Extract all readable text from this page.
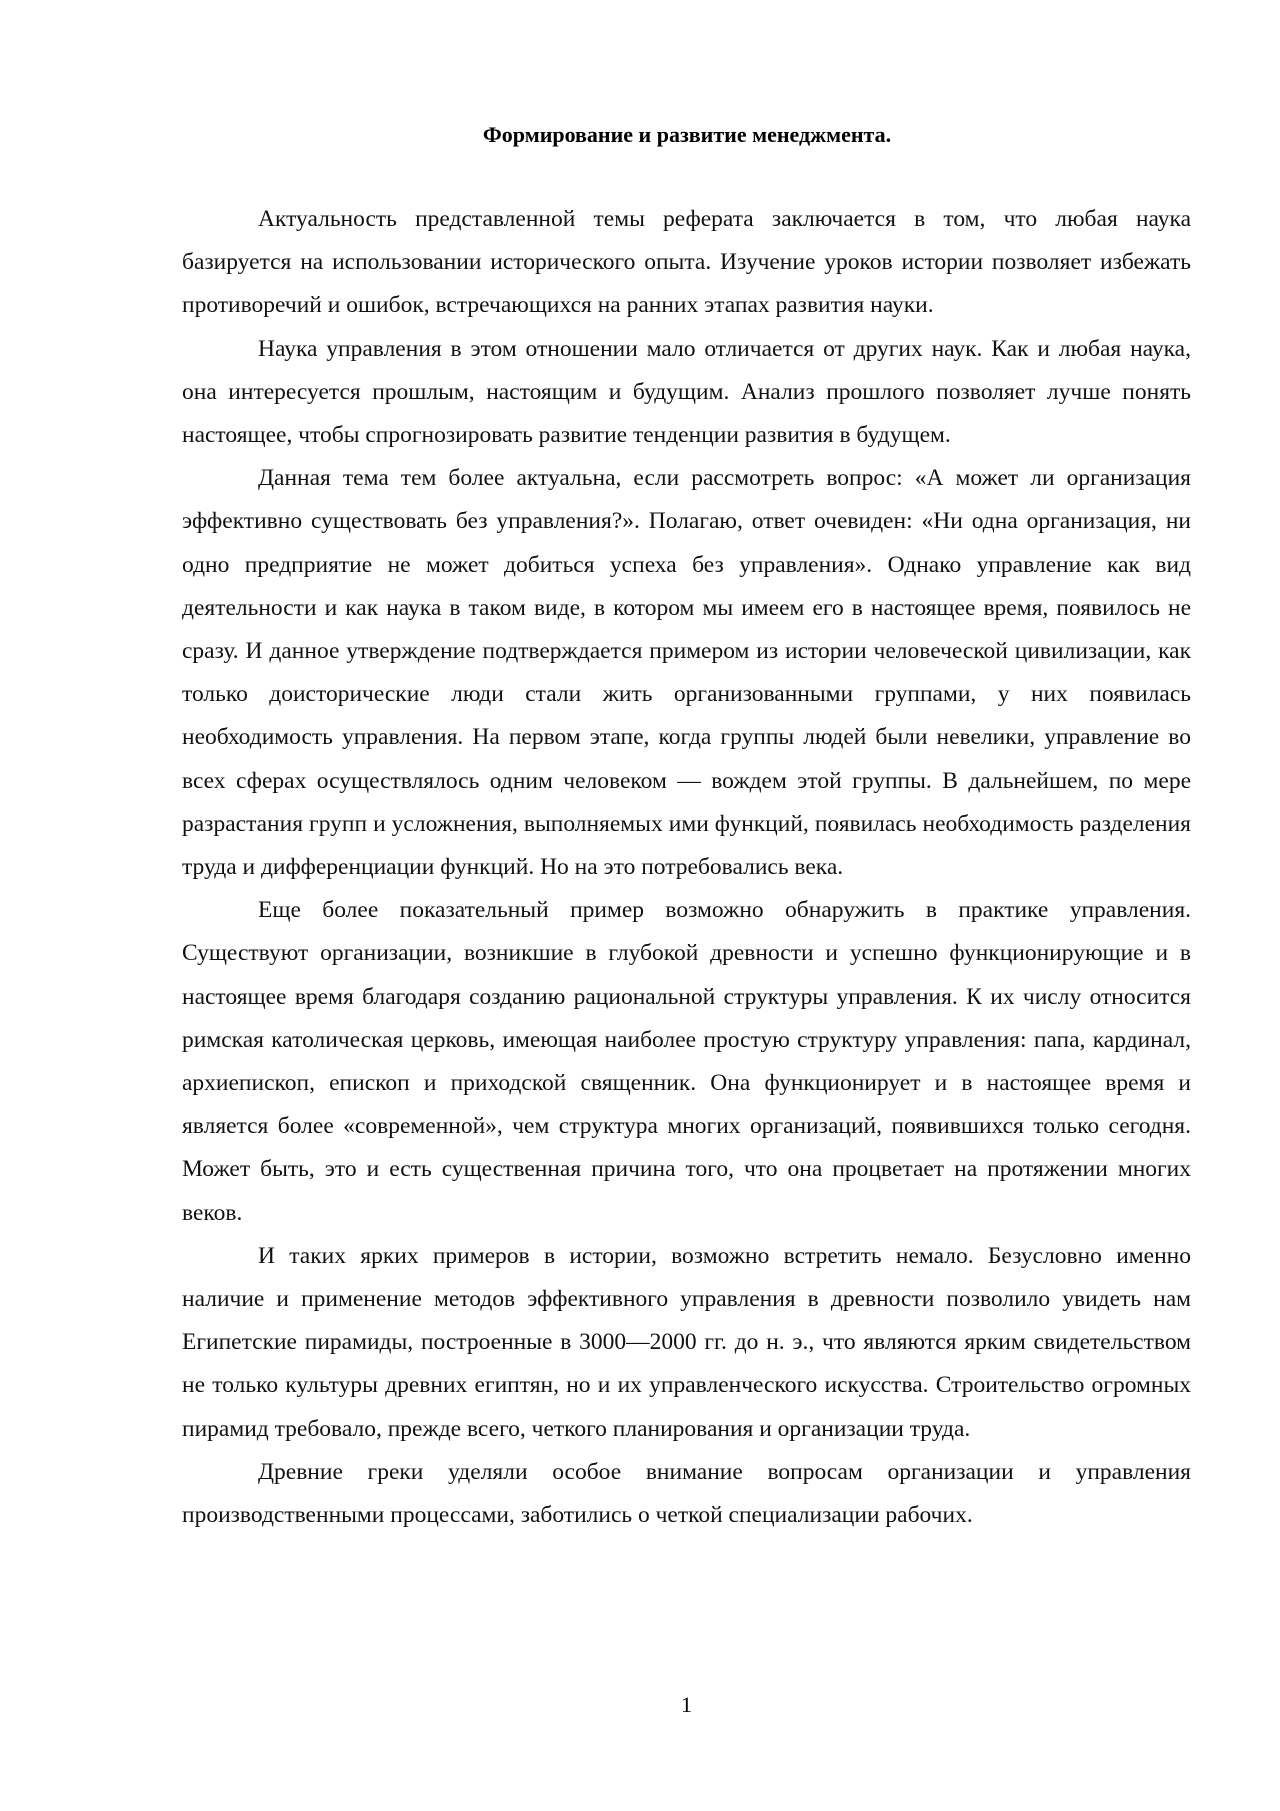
Формирование и развитие менеджмента.

Актуальность представленной темы реферата заключается в том, что любая наука базируется на использовании исторического опыта. Изучение уроков истории позволяет избежать противоречий и ошибок, встречающихся на ранних этапах развития науки.

Наука управления в этом отношении мало отличается от других наук. Как и любая наука, она интересуется прошлым, настоящим и будущим. Анализ прошлого позволяет лучше понять настоящее, чтобы спрогнозировать развитие тенденции развития в будущем.

Данная тема тем более актуальна, если рассмотреть вопрос: «А может ли организация эффективно существовать без управления?». Полагаю, ответ очевиден: «Ни одна организация, ни одно предприятие не может добиться успеха без управления». Однако управление как вид деятельности и как наука в таком виде, в котором мы имеем его в настоящее время, появилось не сразу. И данное утверждение подтверждается примером из истории человеческой цивилизации, как только доисторические люди стали жить организованными группами, у них появилась необходимость управления. На первом этапе, когда группы людей были невелики, управление во всех сферах осуществлялось одним человеком — вождем этой группы. В дальнейшем, по мере разрастания групп и усложнения, выполняемых ими функций, появилась необходимость разделения труда и дифференциации функций. Но на это потребовались века.

Еще более показательный пример возможно обнаружить в практике управления. Существуют организации, возникшие в глубокой древности и успешно функционирующие и в настоящее время благодаря созданию рациональной структуры управления. К их числу относится римская католическая церковь, имеющая наиболее простую структуру управления: папа, кардинал, архиепископ, епископ и приходской священник. Она функционирует и в настоящее время и является более «современной», чем структура многих организаций, появившихся только сегодня. Может быть, это и есть существенная причина того, что она процветает на протяжении многих веков.

И таких ярких примеров в истории, возможно встретить немало. Безусловно именно наличие и применение методов эффективного управления в древности позволило увидеть нам Египетские пирамиды, построенные в 3000—2000 гг. до н. э., что являются ярким свидетельством не только культуры древних египтян, но и их управленческого искусства. Строительство огромных пирамид требовало, прежде всего, четкого планирования и организации труда.

Древние греки уделяли особое внимание вопросам организации и управления производственными процессами, заботились о четкой специализации рабочих.

1
